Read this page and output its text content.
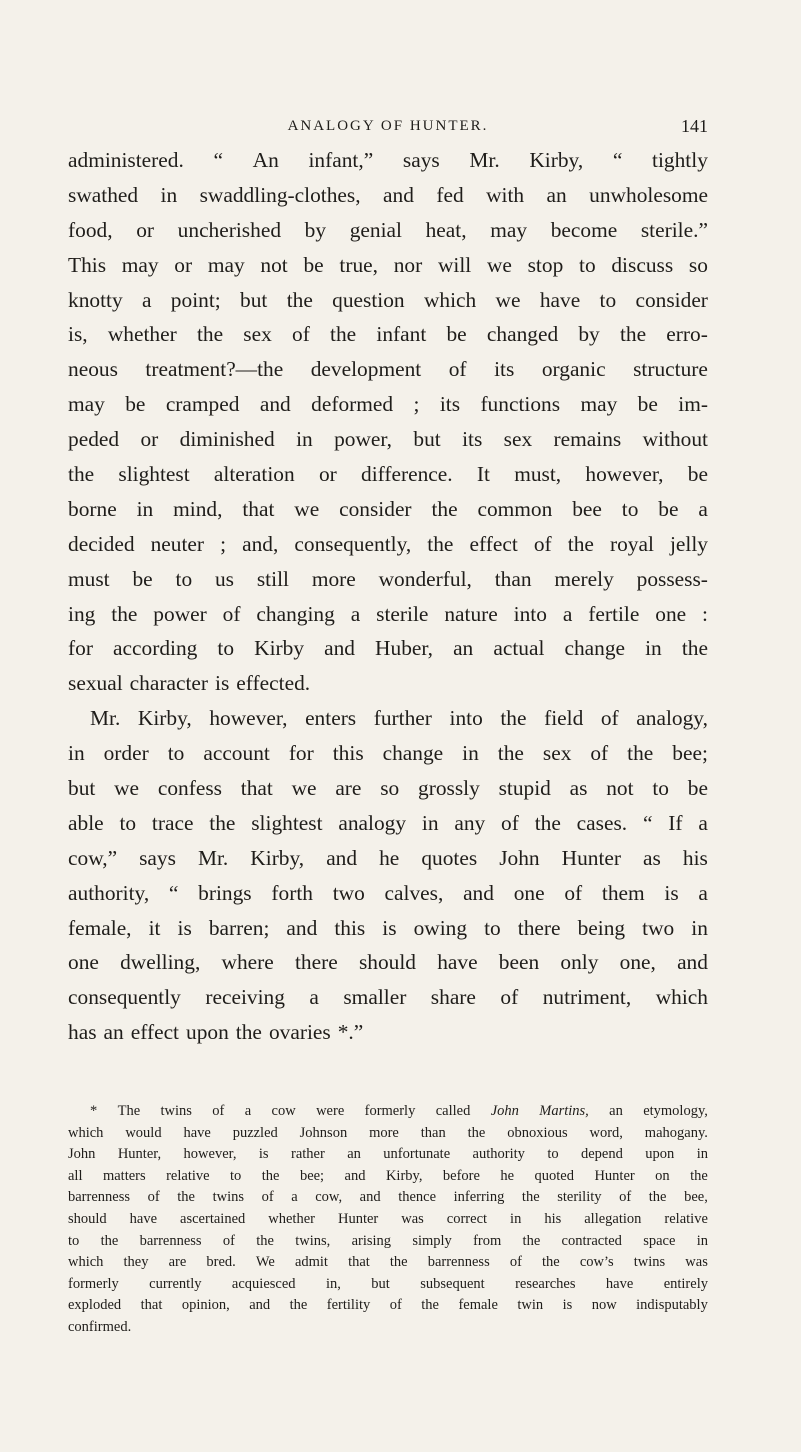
ANALOGY OF HUNTER.	141
administered. “ An infant,” says Mr. Kirby, “ tightly
swathed in swaddling-clothes, and fed with an unwholesome
food, or uncherished by genial heat, may become sterile.”
This may or may not be true, nor will we stop to discuss so
knotty a point; but the question which we have to consider
is, whether the sex of the infant be changed by the erro-
neous treatment?—the development of its organic structure
may be cramped and deformed ; its functions may be im-
peded or diminished in power, but its sex remains without
the slightest alteration or difference. It must, however, be
borne in mind, that we consider the common bee to be a
decided neuter ; and, consequently, the effect of the royal jelly
must be to us still more wonderful, than merely possess-
ing the power of changing a sterile nature into a fertile one :
for according to Kirby and Huber, an actual change in the
sexual character is effected.
Mr. Kirby, however, enters further into the field of analogy,
in order to account for this change in the sex of the bee;
but we confess that we are so grossly stupid as not to be
able to trace the slightest analogy in any of the cases. “ If a
cow,” says Mr. Kirby, and he quotes John Hunter as his
authority, “ brings forth two calves, and one of them is a
female, it is barren; and this is owing to there being two in
one dwelling, where there should have been only one, and
consequently receiving a smaller share of nutriment, which
has an effect upon the ovaries *.”
* The twins of a cow were formerly called John Martins, an etymology,
which would have puzzled Johnson more than the obnoxious word, mahogany.
John Hunter, however, is rather an unfortunate authority to depend upon in
all matters relative to the bee; and Kirby, before he quoted Hunter on the
barrenness of the twins of a cow, and thence inferring the sterility of the bee,
should have ascertained whether Hunter was correct in his allegation relative
to the barrenness of the twins, arising simply from the contracted space in
which they are bred. We admit that the barrenness of the cow’s twins was
formerly currently acquiesced in, but subsequent researches have entirely
exploded that opinion, and the fertility of the female twin is now indisputably
confirmed.
